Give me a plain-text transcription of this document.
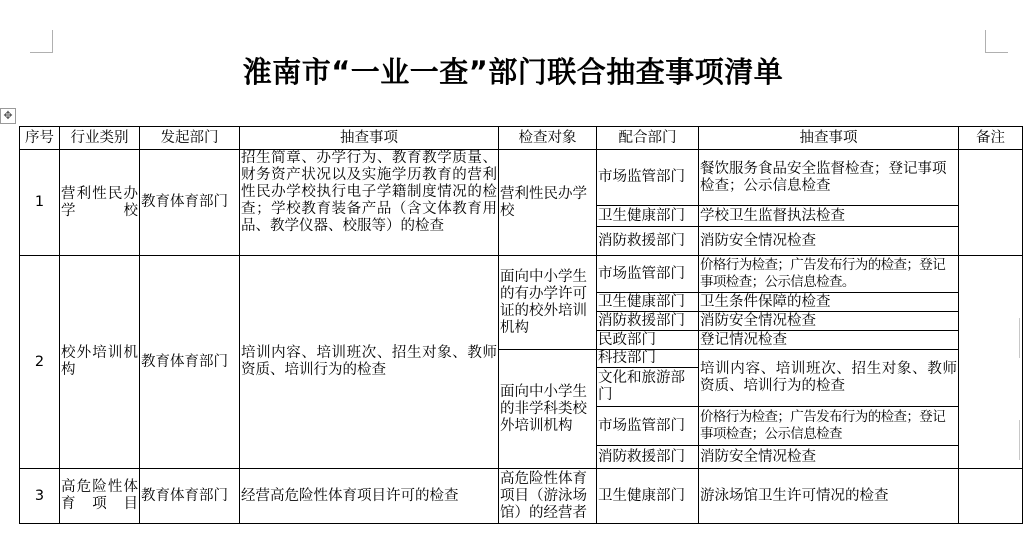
✥
淮南市“一业一查”部门联合抽查事项清单
序号	行业类别	发起部门	抽查事项	检查对象	配合部门	抽查事项	备注
1	营利性民办学校	教育体育部门	招生简章、办学行为、教育教学质量、财务资产状况以及实施学历教育的营利性民办学校执行电子学籍制度情况的检查；学校教育装备产品（含文体教育用品、教学仪器、校服等）的检查	营利性民办学校	市场监管部门	餐饮服务食品安全监督检查；登记事项检查；公示信息检查	
					卫生健康部门	学校卫生监督执法检查	
					消防救援部门	消防安全情况检查	
2	校外培训机构	教育体育部门	培训内容、培训班次、招生对象、教师资质、培训行为的检查	面向中小学生的有办学许可证的校外培训机构	市场监管部门	价格行为检查；广告发布行为的检查；登记事项检查；公示信息检查。	
					卫生健康部门	卫生条件保障的检查	
					消防救援部门	消防安全情况检查	
					民政部门	登记情况检查	
				面向中小学生的非学科类校外培训机构	科技部门	培训内容、培训班次、招生对象、教师资质、培训行为的检查	
					文化和旅游部门		
					市场监管部门	价格行为检查；广告发布行为的检查；登记事项检查；公示信息检查	
					消防救援部门	消防安全情况检查	
3	高危险性体育项目	教育体育部门	经营高危险性体育项目许可的检查	高危险性体育项目（游泳场馆）的经营者	卫生健康部门	游泳场馆卫生许可情况的检查	
